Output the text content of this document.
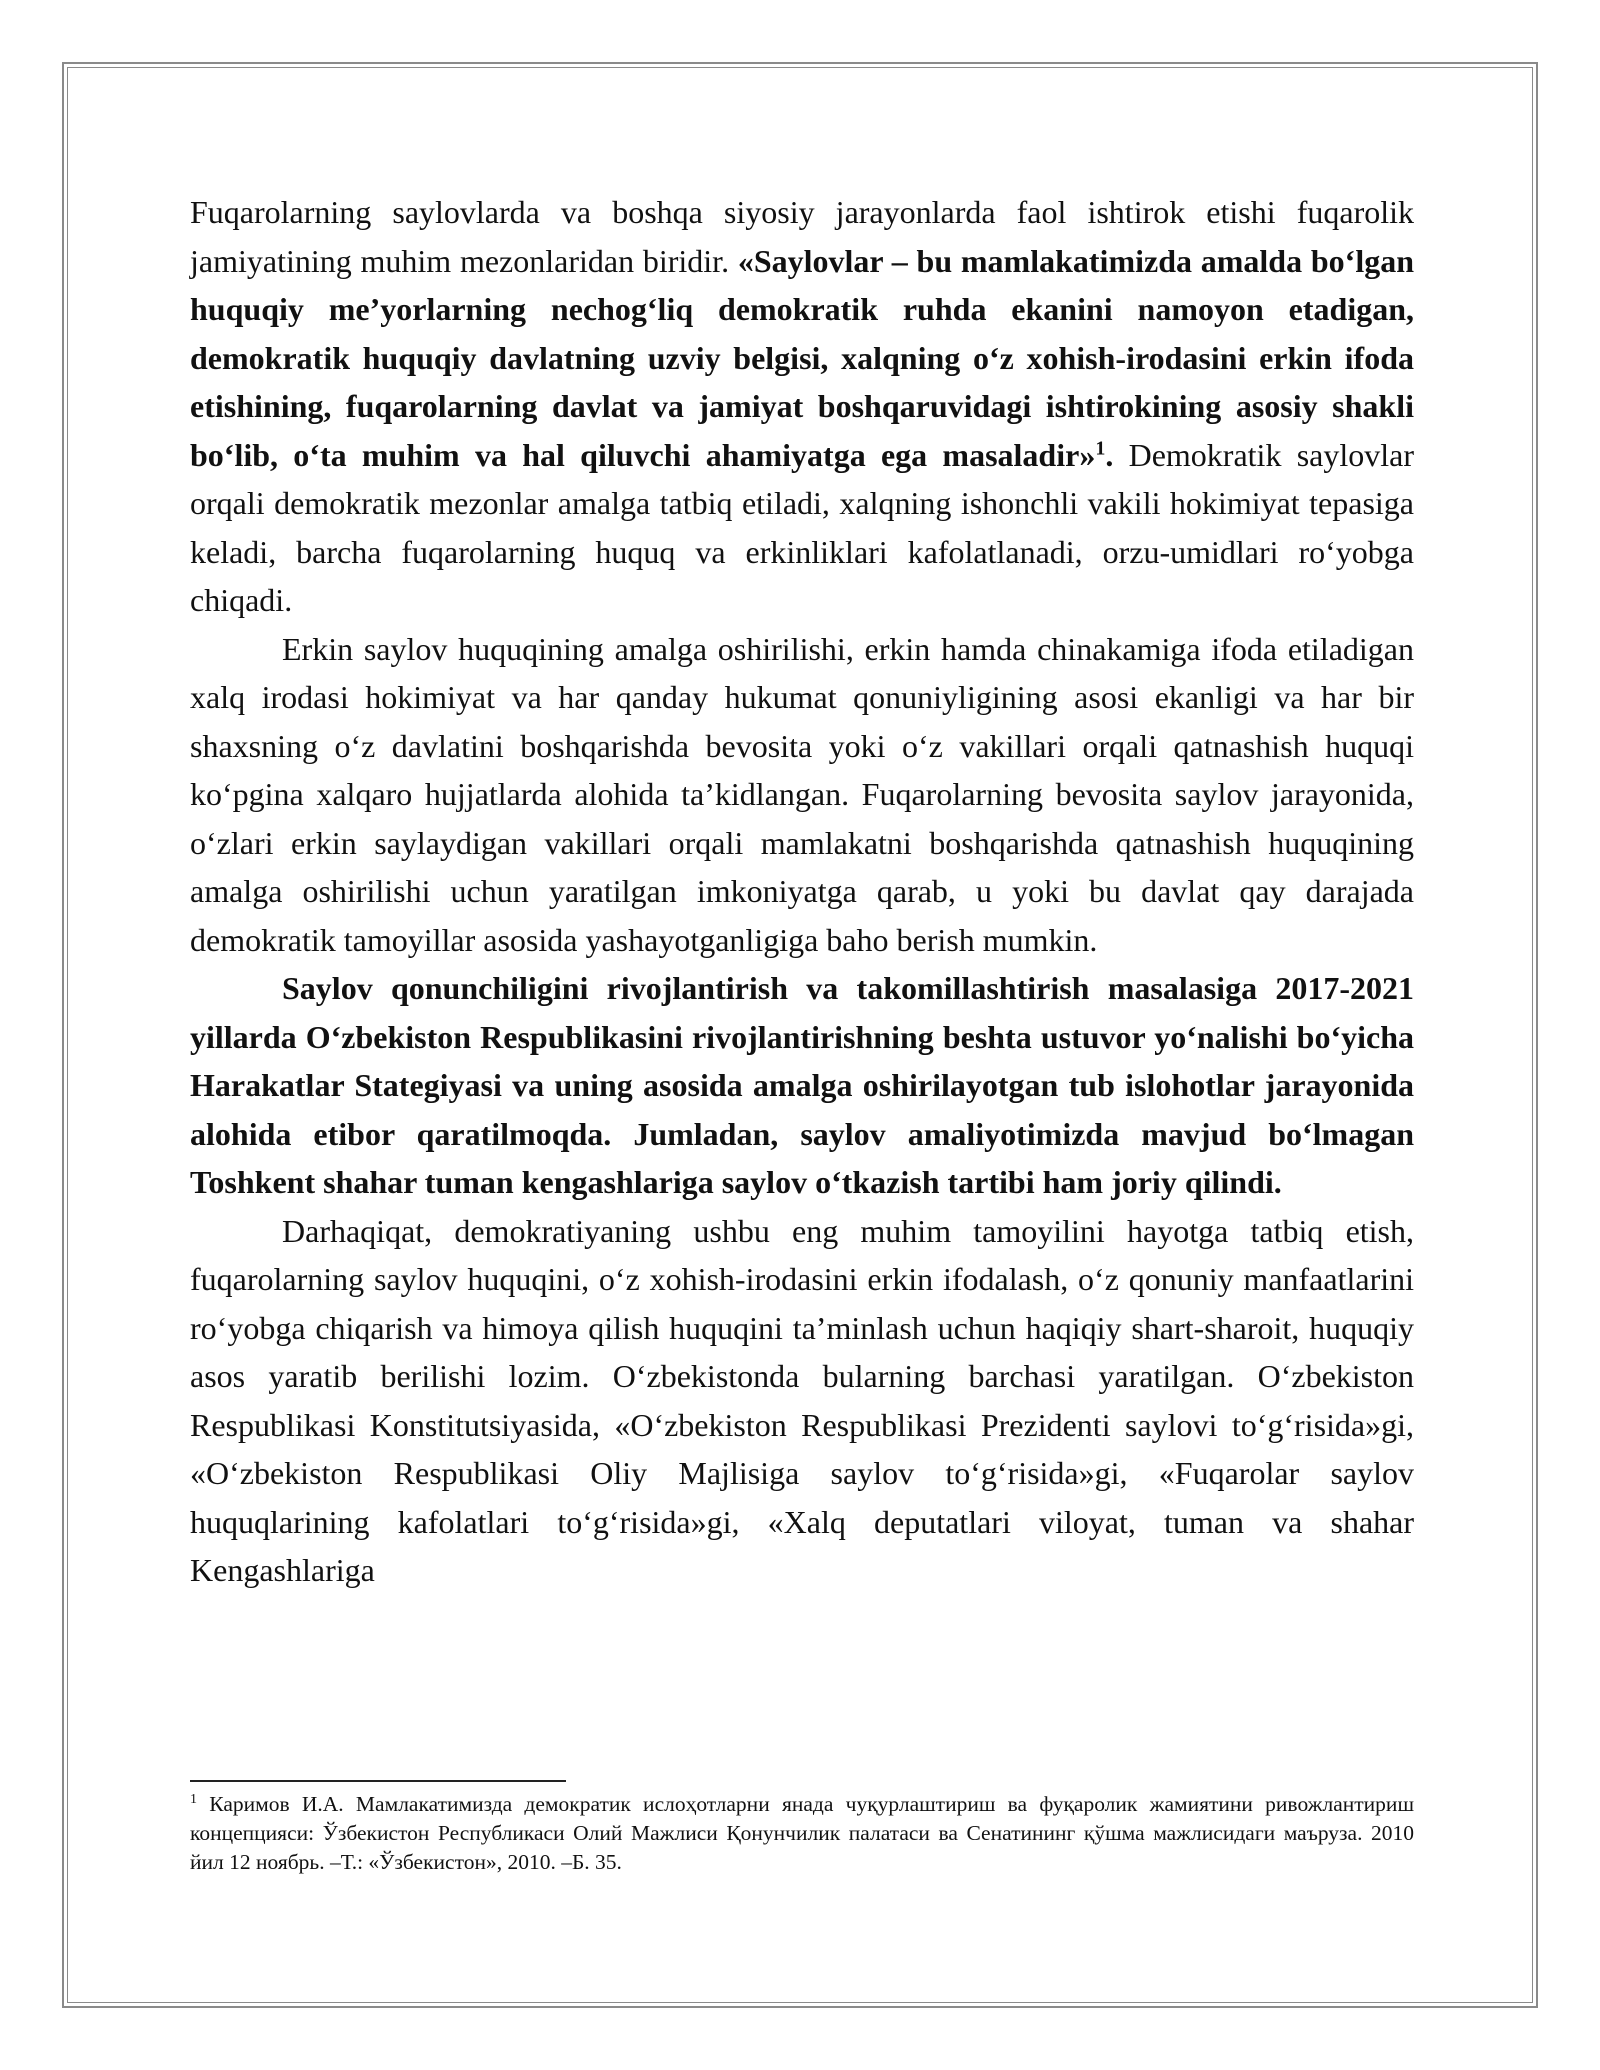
Fuqarolarning saylovlarda va boshqa siyosiy jarayonlarda faol ishtirok etishi fuqarolik jamiyatining muhim mezonlaridan biridir. «Saylovlar – bu mamlakatimizda amalda bo‘lgan huquqiy me’yorlarning nechog‘liq demokratik ruhda ekanini namoyon etadigan, demokratik huquqiy davlatning uzviy belgisi, xalqning o‘z xohish-irodasini erkin ifoda etishining, fuqarolarning davlat va jamiyat boshqaruvidagi ishtirokining asosiy shakli bo‘lib, o‘ta muhim va hal qiluvchi ahamiyatga ega masaladir»$^1$. Demokratik saylovlar orqali demokratik mezonlar amalga tatbiq etiladi, xalqning ishonchli vakili hokimiyat tepasiga keladi, barcha fuqarolarning huquq va erkinliklari kafolatlanadi, orzu-umidlari ro‘yobga chiqadi.

Erkin saylov huquqining amalga oshirilishi, erkin hamda chinakamiga ifoda etiladigan xalq irodasi hokimiyat va har qanday hukumat qonuniyligining asosi ekanligi va har bir shaxsning o‘z davlatini boshqarishda bevosita yoki o‘z vakillari orqali qatnashish huquqi ko‘pgina xalqaro hujjatlarda alohida ta’kidlangan. Fuqarolarning bevosita saylov jarayonida, o‘zlari erkin saylaydigan vakillari orqali mamlakatni boshqarishda qatnashish huquqining amalga oshirilishi uchun yaratilgan imkoniyatga qarab, u yoki bu davlat qay darajada demokratik tamoyillar asosida yashayotganligiga baho berish mumkin.

Saylov qonunchiligini rivojlantirish va takomillashtirish masalasiga 2017-2021 yillarda O‘zbekiston Respublikasini rivojlantirishning beshta ustuvor yo‘nalishi bo‘yicha Harakatlar Stategiyasi va uning asosida amalga oshirilayotgan tub islohotlar jarayonida alohida etibor qaratilmoqda. Jumladan, saylov amaliyotimizda mavjud bo‘lmagan Toshkent shahar tuman kengashlariga saylov o‘tkazish tartibi ham joriy qilindi.

Darhaqiqat, demokratiyaning ushbu eng muhim tamoyilini hayotga tatbiq etish, fuqarolarning saylov huquqini, o‘z xohish-irodasini erkin ifodalash, o‘z qonuniy manfaatlarini ro‘yobga chiqarish va himoya qilish huquqini ta’minlash uchun haqiqiy shart-sharoit, huquqiy asos yaratib berilishi lozim. O‘zbekistonda bularning barchasi yaratilgan. O‘zbekiston Respublikasi Konstitutsiyasida, «O‘zbekiston Respublikasi Prezidenti saylovi to‘g‘risida»gi, «O‘zbekiston Respublikasi Oliy Majlisiga saylov to‘g‘risida»gi, «Fuqarolar saylov huquqlarining kafolatlari to‘g‘risida»gi, «Xalq deputatlari viloyat, tuman va shahar Kengashlariga

$^1$ Каримов И.А. Мамлакатимизда демократик ислоҳотларни янада чуқурлаштириш ва фуқаролик жамиятини ривожлантириш концепцияси: Ўзбекистон Республикаси Олий Мажлиси Қонунчилик палатаси ва Сенатининг қўшма мажлисидаги маъруза. 2010 йил 12 ноябрь. –Т.: «Ўзбекистон», 2010. –Б. 35.
